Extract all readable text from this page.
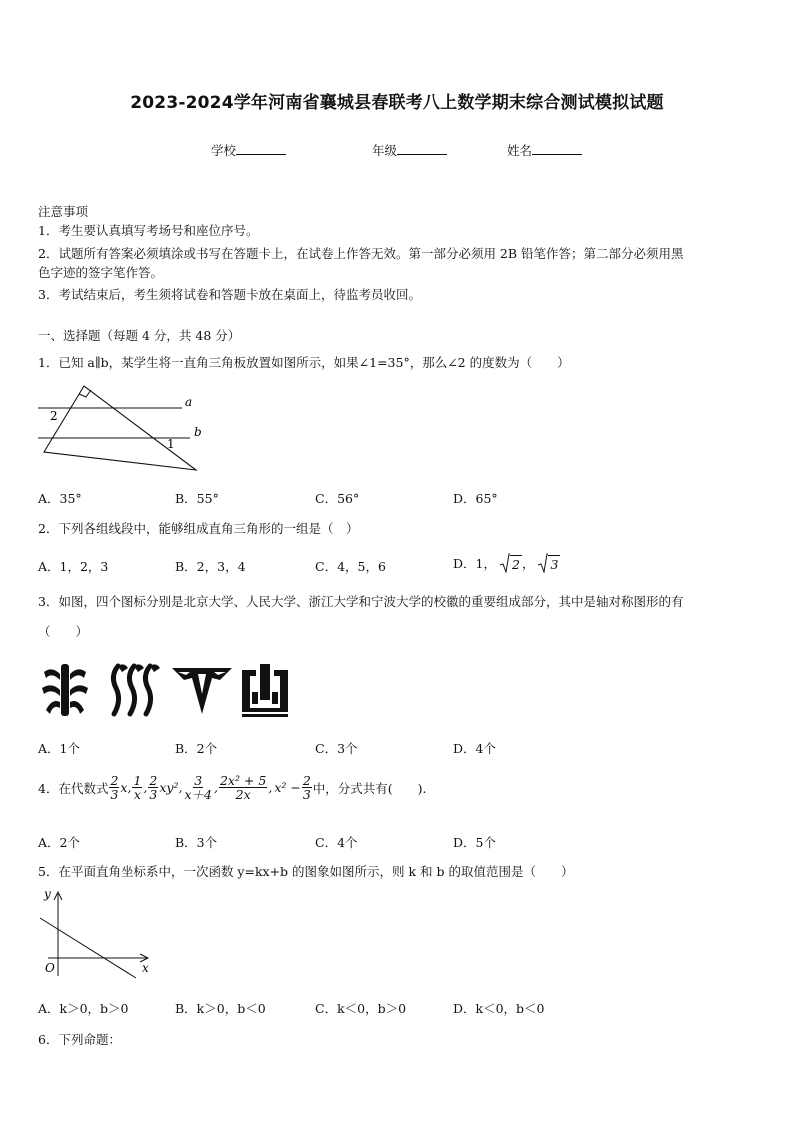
2023-2024学年河南省襄城县春联考八上数学期末综合测试模拟试题
学校	年级	姓名
注意事项
1．考生要认真填写考场号和座位序号。
2．试题所有答案必须填涂或书写在答题卡上，在试卷上作答无效。第一部分必须用 2B 铅笔作答；第二部分必须用黑
色字迹的签字笔作答。
3．考试结束后，考生须将试卷和答题卡放在桌面上，待监考员收回。
一、选择题（每题 4 分，共 48 分）
1．已知 a∥b，某学生将一直角三角板放置如图所示，如果∠1=35°，那么∠2 的度数为（　　）
a
b
1
2
A．35°	B．55°	C．56°	D．65°
2．下列各组线段中，能够组成直角三角形的一组是（　）
A．1，2，3	B．2，3，4	C．4，5，6	D．1， 2 ， 3
3．如图，四个图标分别是北京大学、人民大学、浙江大学和宁波大学的校徽的重要组成部分，其中是轴对称图形的有
（　　）
A．1个	B．2个	C．3个	D．4个
4．在代数式 $\frac{2}{3} x$, $\frac{1}{x}$ , $\frac{2}{3} xy^2$, $\frac{3}{x+4}$ , $\frac{\text{2x² + 5}}{2x}$ , $x^2 - \frac{2}{3}$ 中，分式共有(　　).
A．2个	B．3个	C．4个	D．5个
5．在平面直角坐标系中，一次函数 y=kx+b 的图象如图所示，则 k 和 b 的取值范围是（　　）
y
x
O
A．k＞0，b＞0	B．k＞0，b＜0	C．k＜0，b＞0	D．k＜0，b＜0
6．下列命题：
